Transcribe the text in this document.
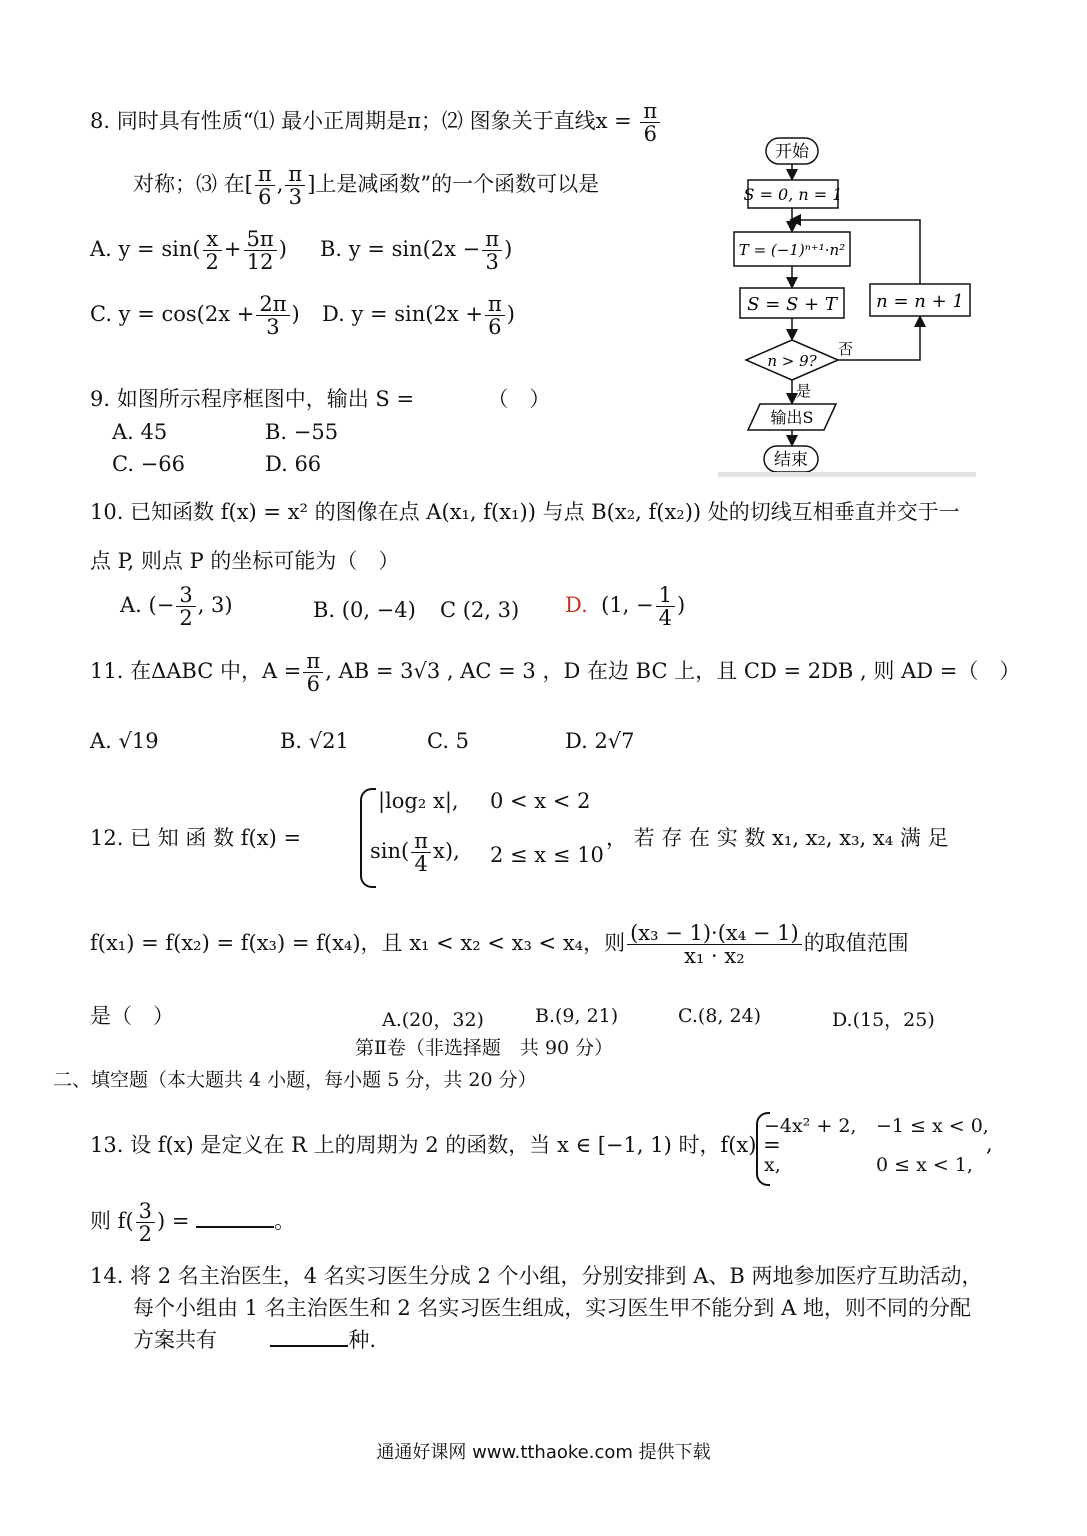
8. 同时具有性质“⑴ 最小正周期是π；⑵ 图象关于直线$x = \frac{\pi}{6}$
对称；⑶ 在[ $\frac{\pi}{6}$ , $\frac{\pi}{3}$ ]上是减函数”的一个函数可以是
A. $y = \sin( \frac{x}{2} + \frac{5\pi}{12}$ ) B. $y = \sin(2x - \frac{\pi}{3}$ )
C. $y = \cos(2x + \frac{2\pi}{3}$ ) D. $y = \sin(2x + \frac{\pi}{6}$ )
开始
S = 0, n = 1
T = (−1)ⁿ⁺¹·n²
S = S + T n = n + 1
n > 9?
否
是
输出S
结束
9. 如图所示程序框图中，输出 S =	（　）
A. 45	B. −55
C. −66	D. 66
10. 已知函数 f(x) = x² 的图像在点 A(x₁, f(x₁)) 与点 B(x₂, f(x₂)) 处的切线互相垂直并交于一
点 P, 则点 P 的坐标可能为（　）
A. (− $\frac{3}{2}$ , 3)	B. (0, −4) C (2, 3) D. (1, − $\frac{1}{4}$ )
11. 在ΔABC 中，$A = \frac{\pi}{6}$ , AB = 3√3 , AC = 3 ，D 在边 BC 上，且 CD = 2DB , 则 AD =（　）
A. √19	B. √21	C. 5	D. 2√7
12. 已 知 函 数 f(x) =
|log₂ x|, 0 < x < 2
$\sin( \frac{\pi}{4} x)$, 2 ≤ x ≤ 10
， 若 存 在 实 数 x₁, x₂, x₃, x₄ 满 足
f(x₁) = f(x₂) = f(x₃) = f(x₄)，且 x₁ < x₂ < x₃ < x₄，则 $\frac{\text{(x₃ − 1)·(x₄ − 1)}}{\text{x₁ · x₂}}$ 的取值范围
是（　）	A.(20，32)	B.(9, 21)	C.(8, 24)	D.(15，25)
第Ⅱ卷（非选择题　共 90 分）
二、填空题（本大题共 4 小题，每小题 5 分，共 20 分）
13. 设 f(x) 是定义在 R 上的周期为 2 的函数，当 x ∈ [−1, 1) 时，f(x) =
−4x² + 2, −1 ≤ x < 0,
x,	0 ≤ x < 1,
,
则 $f( \frac{3}{2}$ ) =	。
14. 将 2 名主治医生，4 名实习医生分成 2 个小组，分别安排到 A、B 两地参加医疗互助活动，
每个小组由 1 名主治医生和 2 名实习医生组成，实习医生甲不能分到 A 地，则不同的分配
方案共有	种.
通通好课网 www.tthaoke.com 提供下载
